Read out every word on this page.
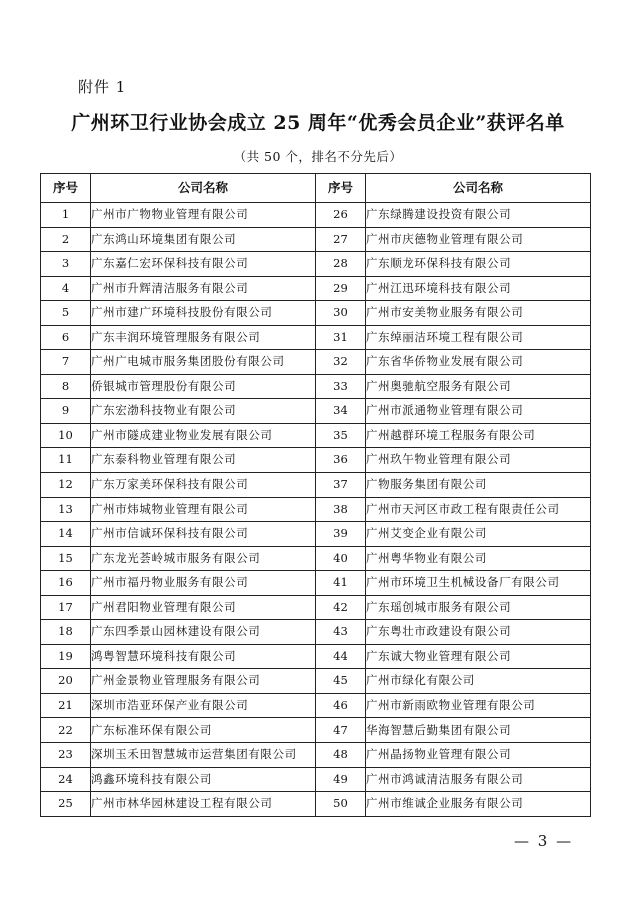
附件 1
广州环卫行业协会成立 25 周年“优秀会员企业”获评名单
（共 50 个，排名不分先后）
序号	公司名称	序号	公司名称
1	广州市广物物业管理有限公司	26	广东绿腾建设投资有限公司
2	广东鸿山环境集团有限公司	27	广州市庆德物业管理有限公司
3	广东嘉仁宏环保科技有限公司	28	广东顺龙环保科技有限公司
4	广州市升辉清洁服务有限公司	29	广州江迅环境科技有限公司
5	广州市建广环境科技股份有限公司	30	广州市安美物业服务有限公司
6	广东丰润环境管理服务有限公司	31	广东绰丽洁环境工程有限公司
7	广州广电城市服务集团股份有限公司	32	广东省华侨物业发展有限公司
8	侨银城市管理股份有限公司	33	广州奥驰航空服务有限公司
9	广东宏渤科技物业有限公司	34	广州市派通物业管理有限公司
10	广州市隧成建业物业发展有限公司	35	广州越群环境工程服务有限公司
11	广东泰科物业管理有限公司	36	广州玖午物业管理有限公司
12	广东万家美环保科技有限公司	37	广物服务集团有限公司
13	广州市炜城物业管理有限公司	38	广州市天河区市政工程有限责任公司
14	广州市信诚环保科技有限公司	39	广州艾变企业有限公司
15	广东龙光荟岭城市服务有限公司	40	广州粤华物业有限公司
16	广州市福丹物业服务有限公司	41	广州市环境卫生机械设备厂有限公司
17	广州君阳物业管理有限公司	42	广东瑶创城市服务有限公司
18	广东四季景山园林建设有限公司	43	广东粤壮市政建设有限公司
19	鸿粤智慧环境科技有限公司	44	广东诚大物业管理有限公司
20	广州金景物业管理服务有限公司	45	广州市绿化有限公司
21	深圳市浩亚环保产业有限公司	46	广州市新雨欧物业管理有限公司
22	广东标准环保有限公司	47	华海智慧后勤集团有限公司
23	深圳玉禾田智慧城市运营集团有限公司	48	广州晶扬物业管理有限公司
24	鸿鑫环境科技有限公司	49	广州市鸿诚清洁服务有限公司
25	广州市林华园林建设工程有限公司	50	广州市维诚企业服务有限公司
— 3 —
